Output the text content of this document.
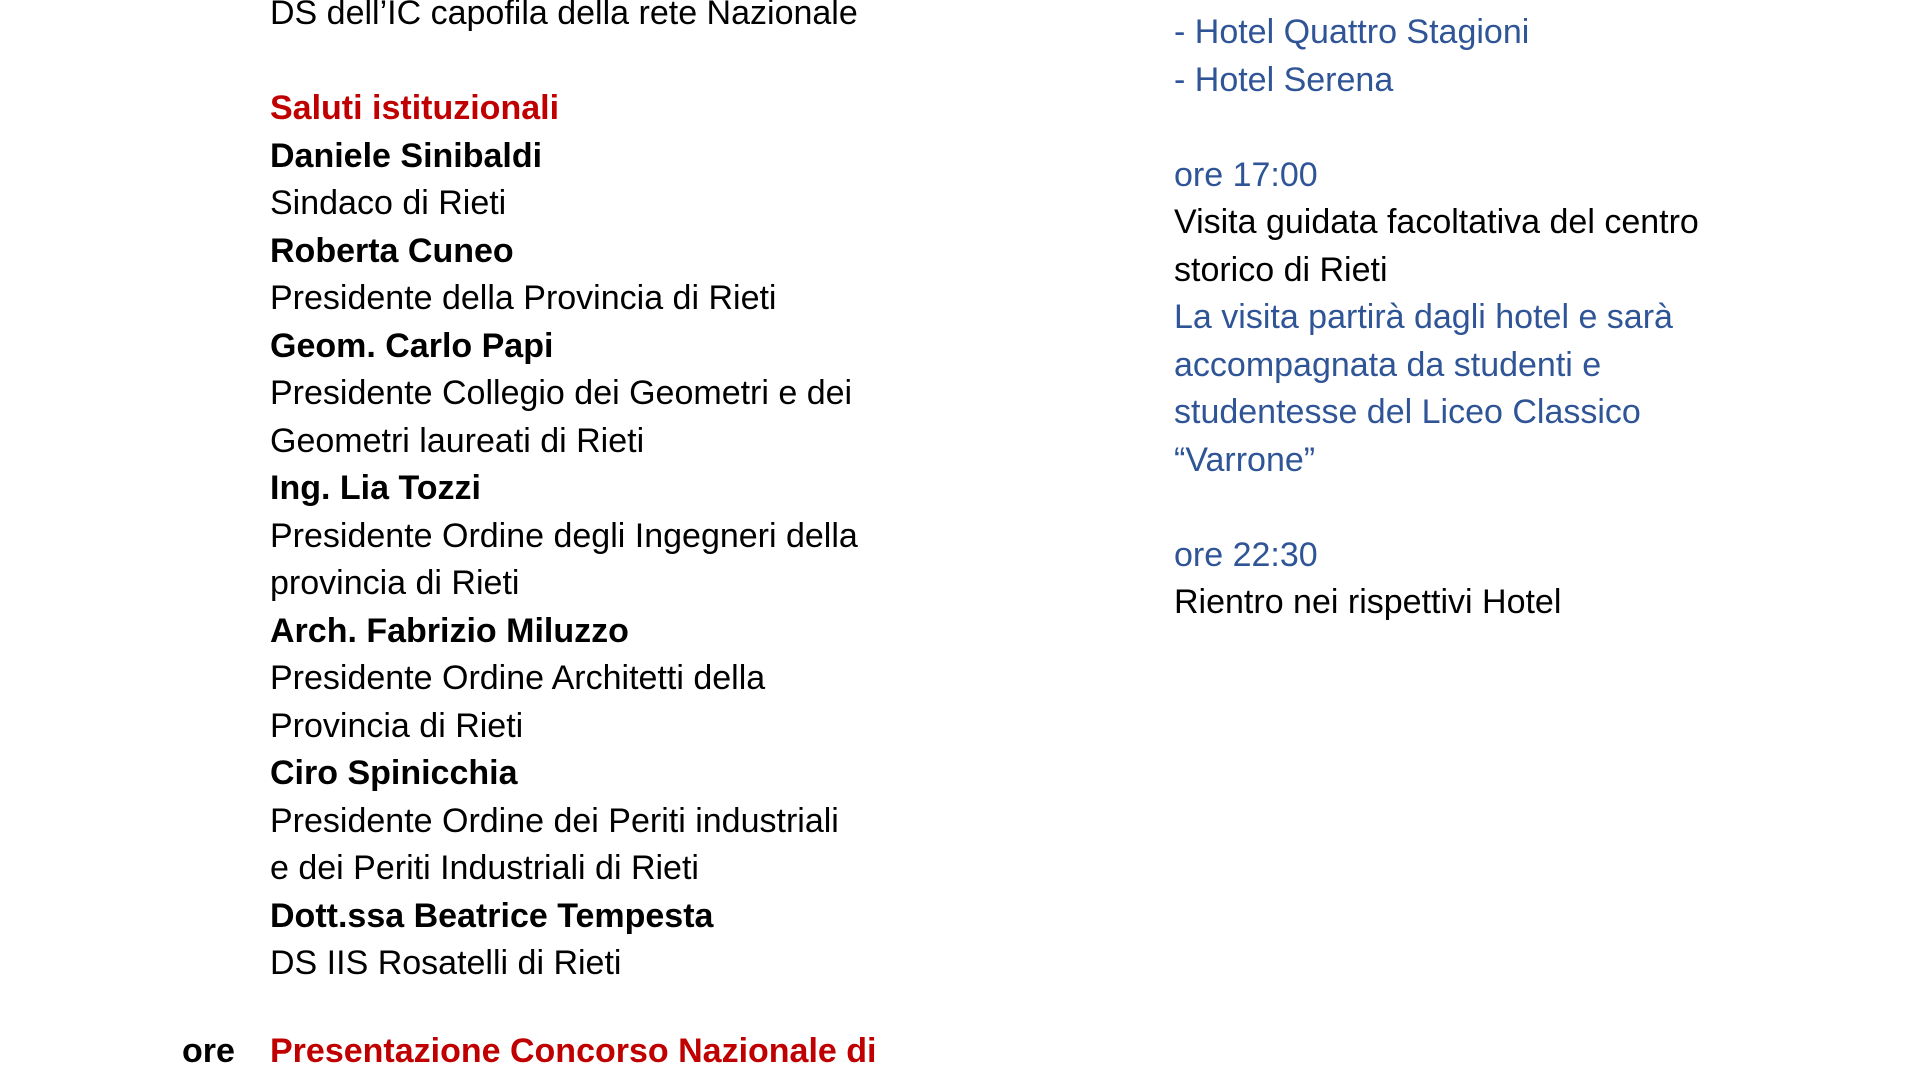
DS dell’IC capofila della rete Nazionale
Saluti istituzionali
Daniele Sinibaldi
Sindaco di Rieti
Roberta Cuneo
Presidente della Provincia di Rieti
Geom. Carlo Papi
Presidente Collegio dei Geometri e dei
Geometri laureati di Rieti
Ing. Lia Tozzi
Presidente Ordine degli Ingegneri della
provincia di Rieti
Arch. Fabrizio Miluzzo
Presidente Ordine Architetti della
Provincia di Rieti
Ciro Spinicchia
Presidente Ordine dei Periti industriali
e dei Periti Industriali di Rieti
Dott.ssa Beatrice Tempesta
DS IIS Rosatelli di Rieti
ore Presentazione Concorso Nazionale di
- Hotel Quattro Stagioni
- Hotel Serena
ore 17:00
Visita guidata facoltativa del centro
storico di Rieti
La visita partirà dagli hotel e sarà
accompagnata da studenti e
studentesse del Liceo Classico
“Varrone”
ore 22:30
Rientro nei rispettivi Hotel
